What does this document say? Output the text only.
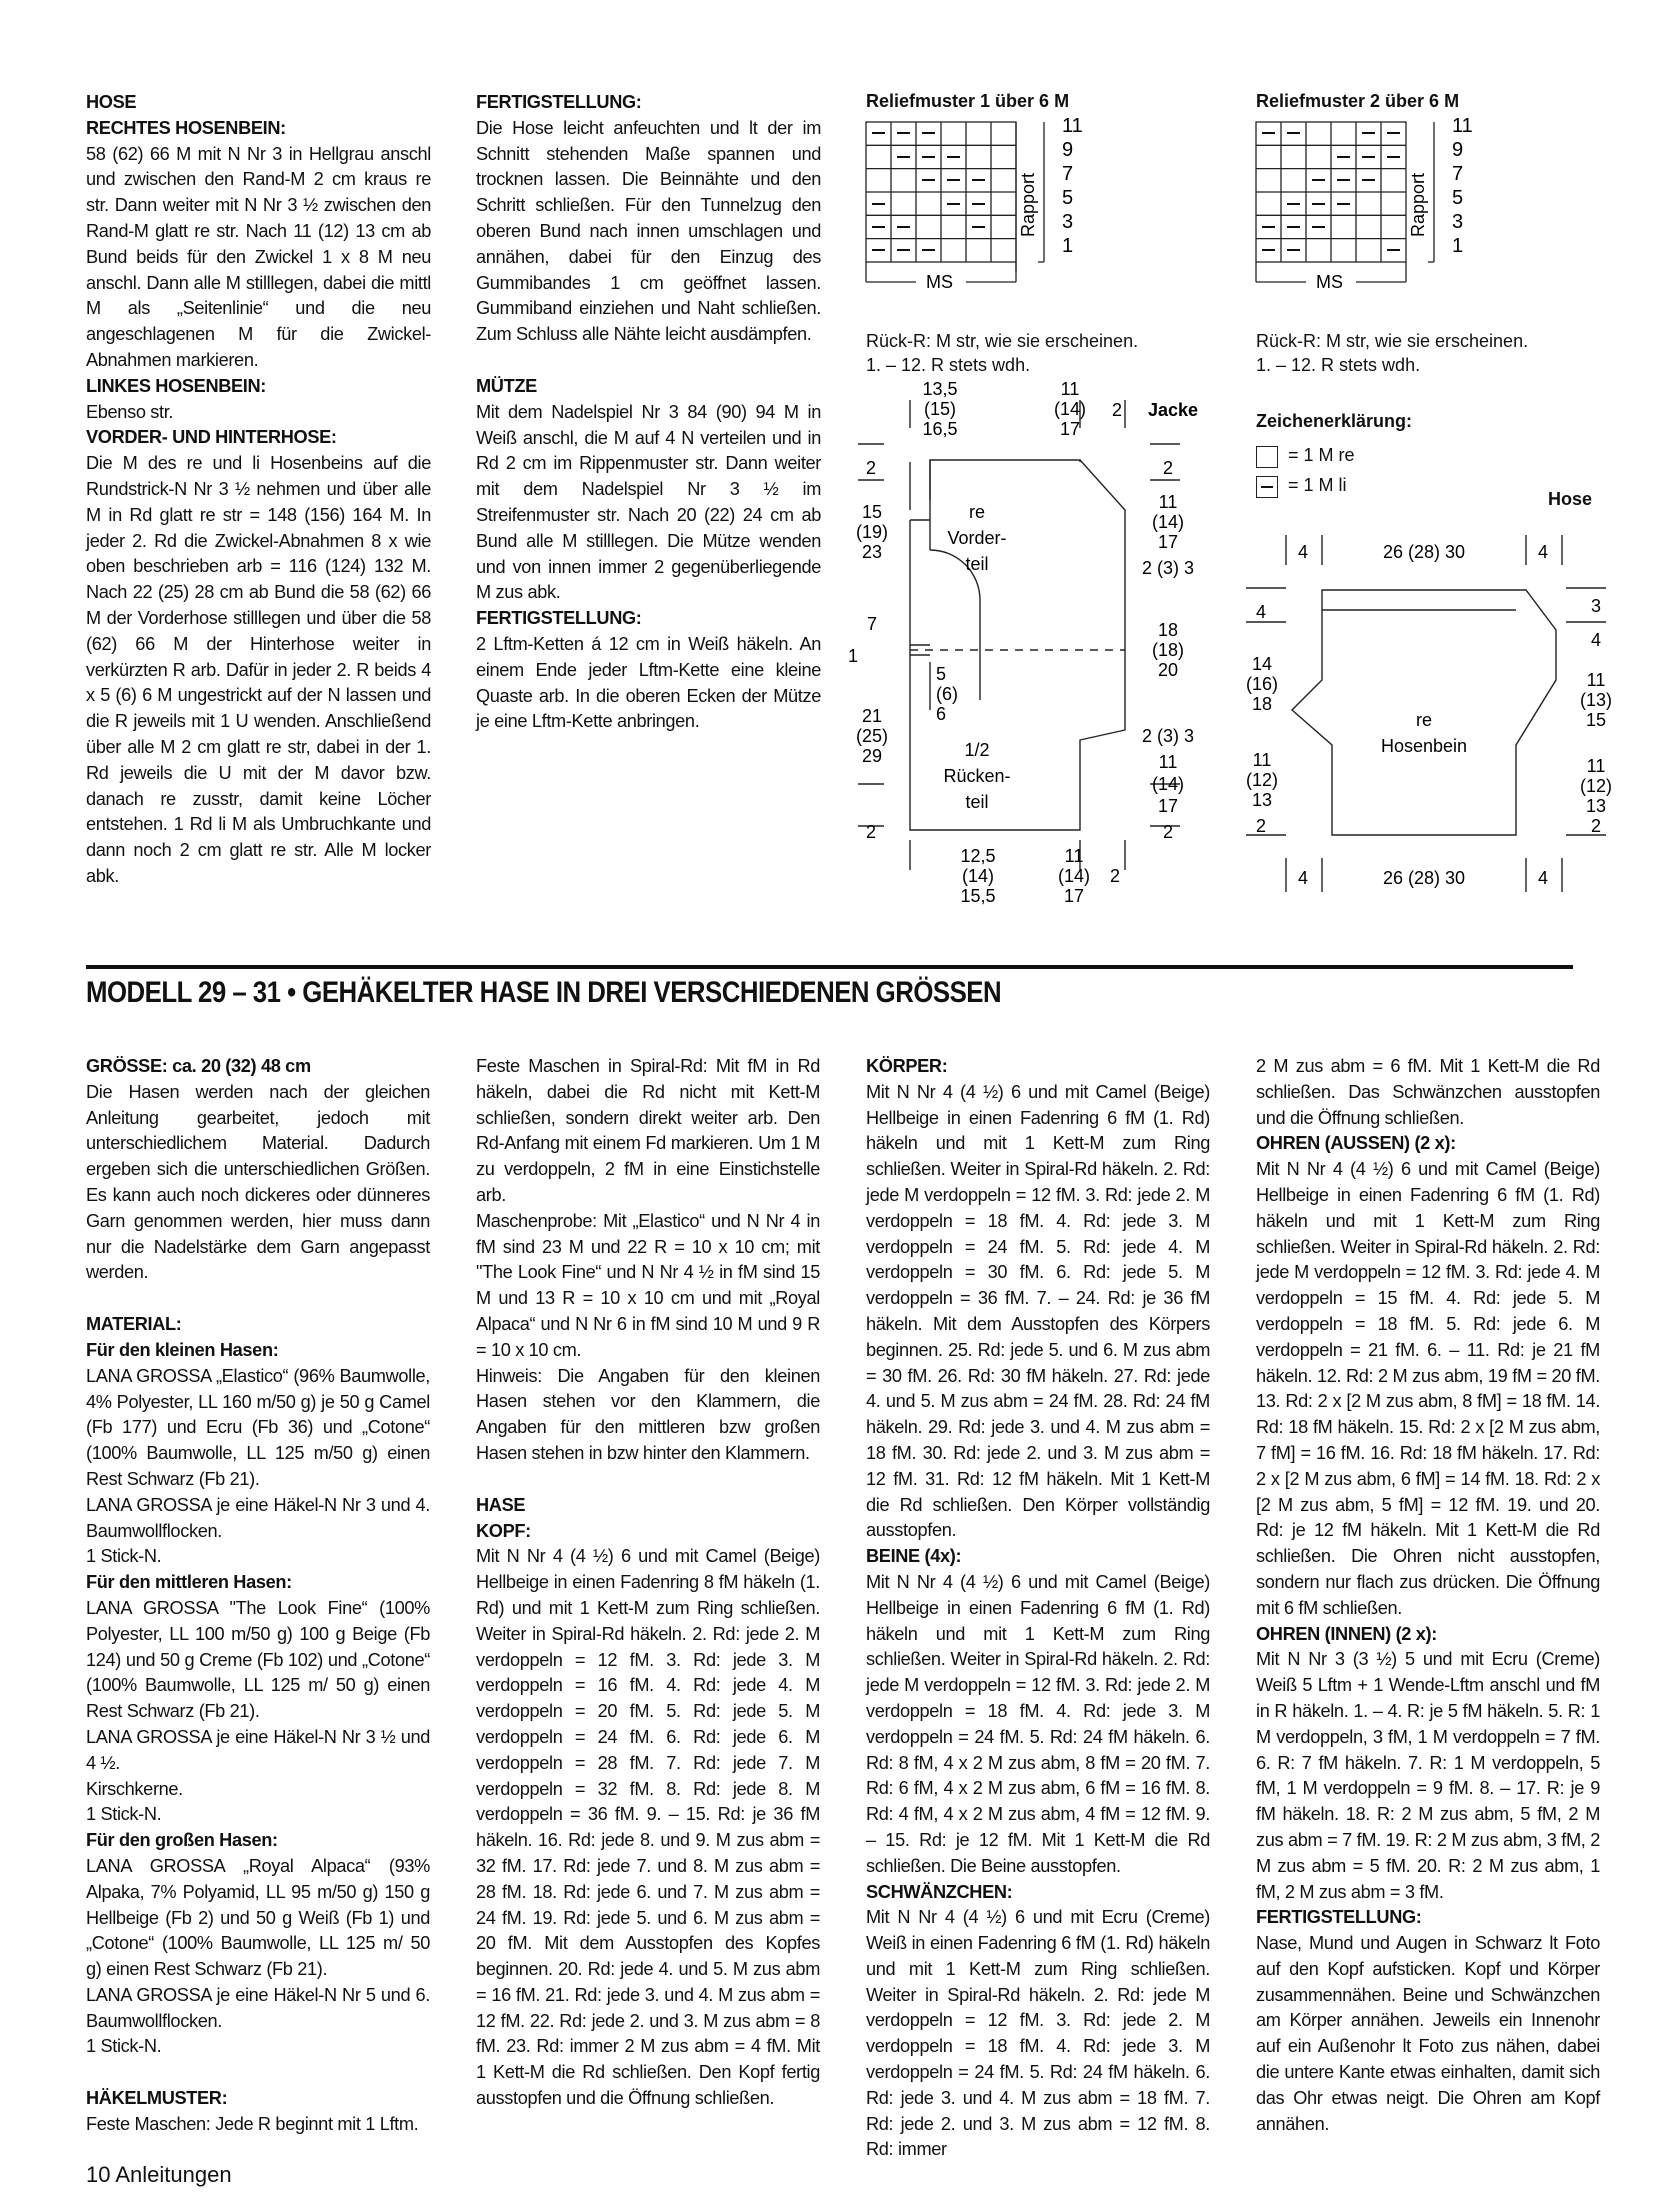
HOSE

RECHTES HOSENBEIN:

58 (62) 66 M mit N Nr 3 in Hellgrau anschl und zwischen den Rand-M 2 cm kraus re str. Dann weiter mit N Nr 3 ½ zwischen den Rand-M glatt re str. Nach 11 (12) 13 cm ab Bund beids für den Zwickel 1 x 8 M neu anschl. Dann alle M stilllegen, dabei die mittl M als „Seitenlinie“ und die neu angeschlagenen M für die Zwickel-Abnahmen markieren.

LINKES HOSENBEIN:

Ebenso str.

VORDER- UND HINTERHOSE:

Die M des re und li Hosenbeins auf die Rundstrick-N Nr 3 ½ nehmen und über alle M in Rd glatt re str = 148 (156) 164 M. In jeder 2. Rd die Zwickel-Abnahmen 8 x wie oben beschrieben arb = 116 (124) 132 M. Nach 22 (25) 28 cm ab Bund die 58 (62) 66 M der Vorderhose stilllegen und über die 58 (62) 66 M der Hinterhose weiter in verkürzten R arb. Dafür in jeder 2. R beids 4 x 5 (6) 6 M ungestrickt auf der N lassen und die R jeweils mit 1 U wenden. Anschließend über alle M 2 cm glatt re str, dabei in der 1. Rd jeweils die U mit der M davor bzw. danach re zusstr, damit keine Löcher entstehen. 1 Rd li M als Umbruchkante und dann noch 2 cm glatt re str. Alle M locker abk.

FERTIGSTELLUNG:

Die Hose leicht anfeuchten und lt der im Schnitt stehenden Maße spannen und trocknen lassen. Die Beinnähte und den Schritt schließen. Für den Tunnelzug den oberen Bund nach innen umschlagen und annähen, dabei für den Einzug des Gummibandes 1 cm geöffnet lassen. Gummiband einziehen und Naht schließen. Zum Schluss alle Nähte leicht ausdämpfen.

MÜTZE

Mit dem Nadelspiel Nr 3 84 (90) 94 M in Weiß anschl, die M auf 4 N verteilen und in Rd 2 cm im Rippenmuster str. Dann weiter mit dem Nadelspiel Nr 3 ½ im Streifenmuster str. Nach 20 (22) 24 cm ab Bund alle M stilllegen. Die Mütze wenden und von innen immer 2 gegenüberliegende M zus abk.

FERTIGSTELLUNG:

2 Lftm-Ketten á 12 cm in Weiß häkeln. An einem Ende jeder Lftm-Kette eine kleine Quaste arb. In die oberen Ecken der Mütze je eine Lftm-Kette anbringen.

Reliefmuster 1 über 6 M
MS
Rapport
11
9
7
5
3
1
Rück-R: M str, wie sie erscheinen.
1. – 12. R stets wdh.
Reliefmuster 2 über 6 M
MS
Rapport
11
9
7
5
3
1
Rück-R: M str, wie sie erscheinen.
1. – 12. R stets wdh.
Zeichenerklärung:
= 1 M re
= 1 M li
13,5
(15)
16,5
11
(14)
17
2 Jacke
2
15
(19)
23
7
1
21
(25)
29
2
5
(6)
6
re
Vorder-
teil
1/2
Rücken-
teil
2
11
(14)
17
2 (3) 3
18
(18)
20
2 (3) 3
11
(14)
17
2
12,5
(14)
15,5
11
(14)
17
2
Hose
4	26 (28) 30	4
4
14
(16)
18
11
(12)
13
2
re
Hosenbein
3
4
11
(13)
15
11
(12)
13
2
4	26 (28) 30	4
MODELL 29 – 31 • GEHÄKELTER HASE IN DREI VERSCHIEDENEN GRÖSSEN

GRÖSSE: ca. 20 (32) 48 cm

Die Hasen werden nach der gleichen Anleitung gearbeitet, jedoch mit unterschiedlichem Material. Dadurch ergeben sich die unterschiedlichen Größen. Es kann auch noch dickeres oder dünneres Garn genommen werden, hier muss dann nur die Nadelstärke dem Garn angepasst werden.

MATERIAL:

Für den kleinen Hasen:

LANA GROSSA „Elastico“ (96% Baumwolle, 4% Polyester, LL 160 m/50 g) je 50 g Camel (Fb 177) und Ecru (Fb 36) und „Cotone“ (100% Baumwolle, LL 125 m/50 g) einen Rest Schwarz (Fb 21).

LANA GROSSA je eine Häkel-N Nr 3 und 4. Baumwollflocken.

1 Stick-N.

Für den mittleren Hasen:

LANA GROSSA "The Look Fine“ (100% Polyester, LL 100 m/50 g) 100 g Beige (Fb 124) und 50 g Creme (Fb 102) und „Cotone“ (100% Baumwolle, LL 125 m/ 50 g) einen Rest Schwarz (Fb 21).

LANA GROSSA je eine Häkel-N Nr 3 ½ und 4 ½.

Kirschkerne.

1 Stick-N.

Für den großen Hasen:

LANA GROSSA „Royal Alpaca“ (93% Alpaka, 7% Polyamid, LL 95 m/50 g) 150 g Hellbeige (Fb 2) und 50 g Weiß (Fb 1) und „Cotone“ (100% Baumwolle, LL 125 m/ 50 g) einen Rest Schwarz (Fb 21).

LANA GROSSA je eine Häkel-N Nr 5 und 6. Baumwollflocken.

1 Stick-N.

HÄKELMUSTER:

Feste Maschen: Jede R beginnt mit 1 Lftm.

Feste Maschen in Spiral-Rd: Mit fM in Rd häkeln, dabei die Rd nicht mit Kett-M schließen, sondern direkt weiter arb. Den Rd-Anfang mit einem Fd markieren. Um 1 M zu verdoppeln, 2 fM in eine Einstichstelle arb.

Maschenprobe: Mit „Elastico“ und N Nr 4 in fM sind 23 M und 22 R = 10 x 10 cm; mit "The Look Fine“ und N Nr 4 ½ in fM sind 15 M und 13 R = 10 x 10 cm und mit „Royal Alpaca“ und N Nr 6 in fM sind 10 M und 9 R = 10 x 10 cm.

Hinweis: Die Angaben für den kleinen Hasen stehen vor den Klammern, die Angaben für den mittleren bzw großen Hasen stehen in bzw hinter den Klammern.

HASE

KOPF:

Mit N Nr 4 (4 ½) 6 und mit Camel (Beige) Hellbeige in einen Fadenring 8 fM häkeln (1. Rd) und mit 1 Kett-M zum Ring schließen. Weiter in Spiral-Rd häkeln. 2. Rd: jede 2. M verdoppeln = 12 fM. 3. Rd: jede 3. M verdoppeln = 16 fM. 4. Rd: jede 4. M verdoppeln = 20 fM. 5. Rd: jede 5. M verdoppeln = 24 fM. 6. Rd: jede 6. M verdoppeln = 28 fM. 7. Rd: jede 7. M verdoppeln = 32 fM. 8. Rd: jede 8. M verdoppeln = 36 fM. 9. – 15. Rd: je 36 fM häkeln. 16. Rd: jede 8. und 9. M zus abm = 32 fM. 17. Rd: jede 7. und 8. M zus abm = 28 fM. 18. Rd: jede 6. und 7. M zus abm = 24 fM. 19. Rd: jede 5. und 6. M zus abm = 20 fM. Mit dem Ausstopfen des Kopfes beginnen. 20. Rd: jede 4. und 5. M zus abm = 16 fM. 21. Rd: jede 3. und 4. M zus abm = 12 fM. 22. Rd: jede 2. und 3. M zus abm = 8 fM. 23. Rd: immer 2 M zus abm = 4 fM. Mit 1 Kett-M die Rd schließen. Den Kopf fertig ausstopfen und die Öffnung schließen.

KÖRPER:

Mit N Nr 4 (4 ½) 6 und mit Camel (Beige) Hellbeige in einen Fadenring 6 fM (1. Rd) häkeln und mit 1 Kett-M zum Ring schließen. Weiter in Spiral-Rd häkeln. 2. Rd: jede M verdoppeln = 12 fM. 3. Rd: jede 2. M verdoppeln = 18 fM. 4. Rd: jede 3. M verdoppeln = 24 fM. 5. Rd: jede 4. M verdoppeln = 30 fM. 6. Rd: jede 5. M verdoppeln = 36 fM. 7. – 24. Rd: je 36 fM häkeln. Mit dem Ausstopfen des Körpers beginnen. 25. Rd: jede 5. und 6. M zus abm = 30 fM. 26. Rd: 30 fM häkeln. 27. Rd: jede 4. und 5. M zus abm = 24 fM. 28. Rd: 24 fM häkeln. 29. Rd: jede 3. und 4. M zus abm = 18 fM. 30. Rd: jede 2. und 3. M zus abm = 12 fM. 31. Rd: 12 fM häkeln. Mit 1 Kett-M die Rd schließen. Den Körper vollständig ausstopfen.

BEINE (4x):

Mit N Nr 4 (4 ½) 6 und mit Camel (Beige) Hellbeige in einen Fadenring 6 fM (1. Rd) häkeln und mit 1 Kett-M zum Ring schließen. Weiter in Spiral-Rd häkeln. 2. Rd: jede M verdoppeln = 12 fM. 3. Rd: jede 2. M verdoppeln = 18 fM. 4. Rd: jede 3. M verdoppeln = 24 fM. 5. Rd: 24 fM häkeln. 6. Rd: 8 fM, 4 x 2 M zus abm, 8 fM = 20 fM. 7. Rd: 6 fM, 4 x 2 M zus abm, 6 fM = 16 fM. 8. Rd: 4 fM, 4 x 2 M zus abm, 4 fM = 12 fM. 9. – 15. Rd: je 12 fM. Mit 1 Kett-M die Rd schließen. Die Beine ausstopfen.

SCHWÄNZCHEN:

Mit N Nr 4 (4 ½) 6 und mit Ecru (Creme) Weiß in einen Fadenring 6 fM (1. Rd) häkeln und mit 1 Kett-M zum Ring schließen. Weiter in Spiral-Rd häkeln. 2. Rd: jede M verdoppeln = 12 fM. 3. Rd: jede 2. M verdoppeln = 18 fM. 4. Rd: jede 3. M verdoppeln = 24 fM. 5. Rd: 24 fM häkeln. 6. Rd: jede 3. und 4. M zus abm = 18 fM. 7. Rd: jede 2. und 3. M zus abm = 12 fM. 8. Rd: immer

2 M zus abm = 6 fM. Mit 1 Kett-M die Rd schließen. Das Schwänzchen ausstopfen und die Öffnung schließen.

OHREN (AUSSEN) (2 x):

Mit N Nr 4 (4 ½) 6 und mit Camel (Beige) Hellbeige in einen Fadenring 6 fM (1. Rd) häkeln und mit 1 Kett-M zum Ring schließen. Weiter in Spiral-Rd häkeln. 2. Rd: jede M verdoppeln = 12 fM. 3. Rd: jede 4. M verdoppeln = 15 fM. 4. Rd: jede 5. M verdoppeln = 18 fM. 5. Rd: jede 6. M verdoppeln = 21 fM. 6. – 11. Rd: je 21 fM häkeln. 12. Rd: 2 M zus abm, 19 fM = 20 fM. 13. Rd: 2 x [2 M zus abm, 8 fM] = 18 fM. 14. Rd: 18 fM häkeln. 15. Rd: 2 x [2 M zus abm, 7 fM] = 16 fM. 16. Rd: 18 fM häkeln. 17. Rd: 2 x [2 M zus abm, 6 fM] = 14 fM. 18. Rd: 2 x [2 M zus abm, 5 fM] = 12 fM. 19. und 20. Rd: je 12 fM häkeln. Mit 1 Kett-M die Rd schließen. Die Ohren nicht ausstopfen, sondern nur flach zus drücken. Die Öffnung mit 6 fM schließen.

OHREN (INNEN) (2 x):

Mit N Nr 3 (3 ½) 5 und mit Ecru (Creme) Weiß 5 Lftm + 1 Wende-Lftm anschl und fM in R häkeln. 1. – 4. R: je 5 fM häkeln. 5. R: 1 M verdoppeln, 3 fM, 1 M verdoppeln = 7 fM. 6. R: 7 fM häkeln. 7. R: 1 M verdoppeln, 5 fM, 1 M verdoppeln = 9 fM. 8. – 17. R: je 9 fM häkeln. 18. R: 2 M zus abm, 5 fM, 2 M zus abm = 7 fM. 19. R: 2 M zus abm, 3 fM, 2 M zus abm = 5 fM. 20. R: 2 M zus abm, 1 fM, 2 M zus abm = 3 fM.

FERTIGSTELLUNG:

Nase, Mund und Augen in Schwarz lt Foto auf den Kopf aufsticken. Kopf und Körper zusammennähen. Beine und Schwänzchen am Körper annähen. Jeweils ein Innenohr auf ein Außenohr lt Foto zus nähen, dabei die untere Kante etwas einhalten, damit sich das Ohr etwas neigt. Die Ohren am Kopf annähen.

10 Anleitungen
